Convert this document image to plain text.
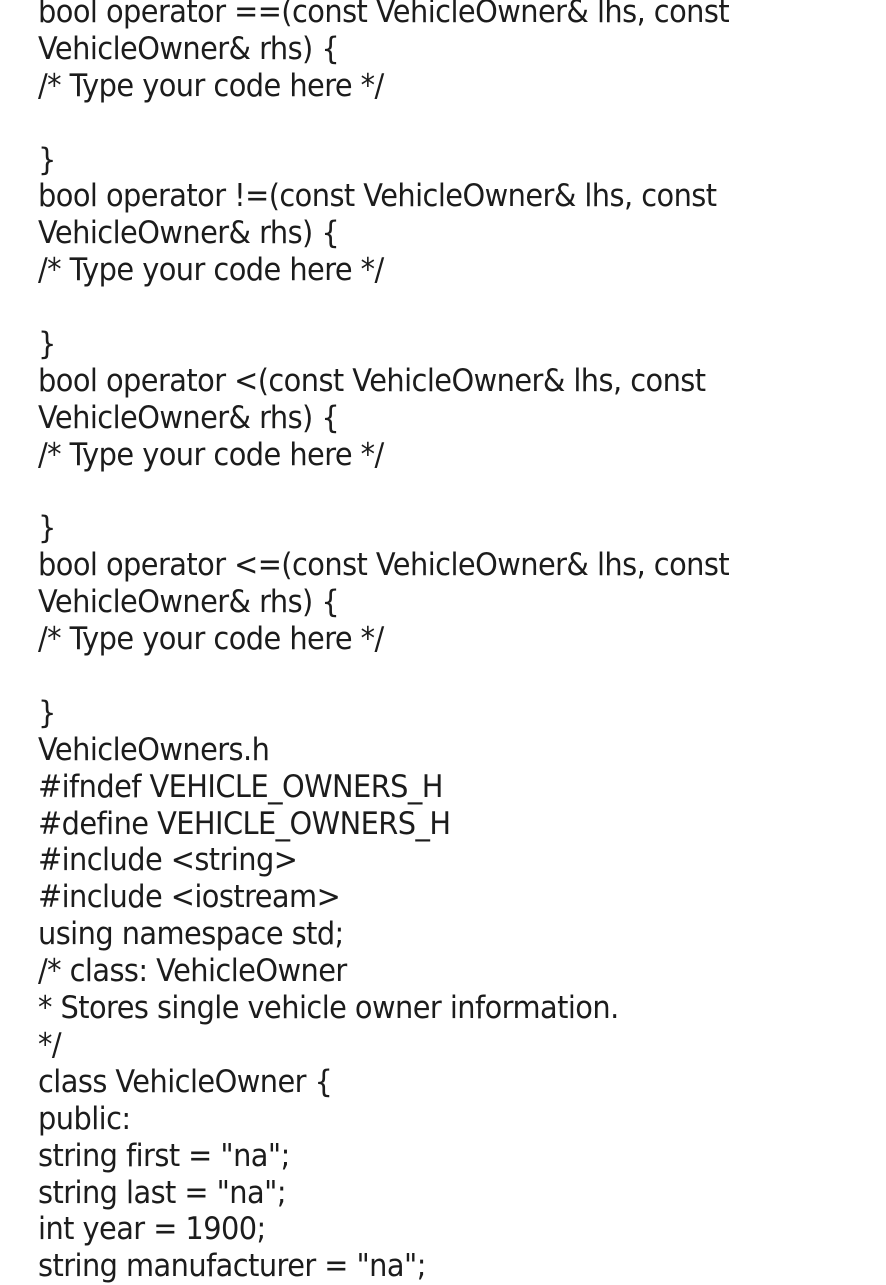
bool operator ==(const VehicleOwner& lhs, const
VehicleOwner& rhs) {
/* Type your code here */
}
bool operator !=(const VehicleOwner& lhs, const
VehicleOwner& rhs) {
/* Type your code here */
}
bool operator <(const VehicleOwner& lhs, const
VehicleOwner& rhs) {
/* Type your code here */
}
bool operator <=(const VehicleOwner& lhs, const
VehicleOwner& rhs) {
/* Type your code here */
}
VehicleOwners.h
#ifndef VEHICLE_OWNERS_H
#define VEHICLE_OWNERS_H
#include <string>
#include <iostream>
using namespace std;
/* class: VehicleOwner
* Stores single vehicle owner information.
*/
class VehicleOwner {
public:
string first = "na";
string last = "na";
int year = 1900;
string manufacturer = "na";
